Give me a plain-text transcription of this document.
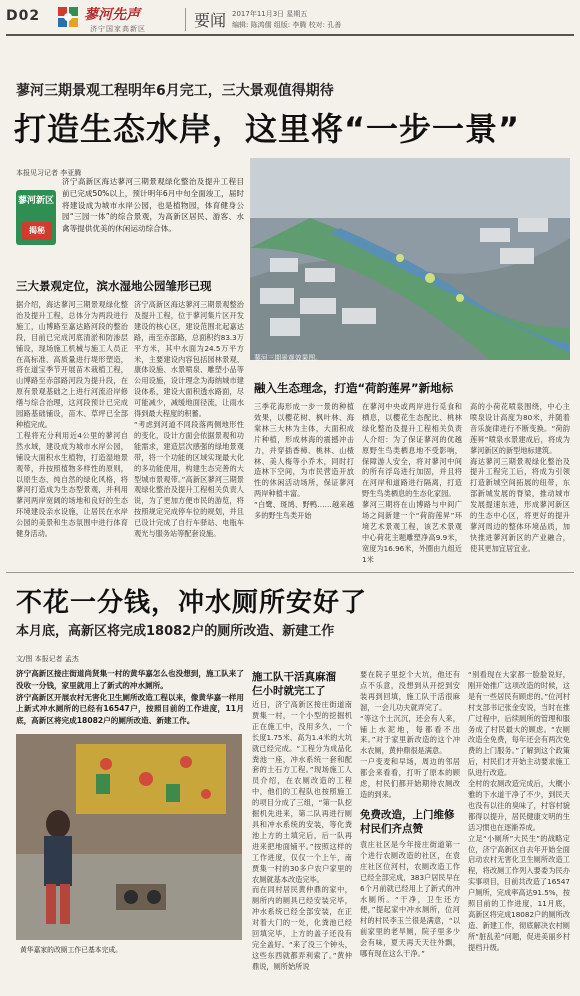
D02	蓼河先声
济宁国家高新区	要闻 2017年11月3日 星期五
编辑: 陈鸿儒 组版: 李腾 校对: 孔善
蓼河三期景观工程明年6月完工，三大景观值得期待
打造生态水岸，这里将“一步一景”
本报见习记者 李亚腾
蓼河新区
揭秘
济宁高新区海达蓼河三期景观绿化整治及提升工程目前已完成50%以上，预计明年6月中旬全面竣工，届时将建设成为城市水岸公园，也是植物园，体育健身公园“三园一体”的综合景观，为高新区居民、游客、水禽等提供优美的休闲运动综合体。
蓼河三期景观效果图。
三大景观定位，滨水湿地公园雏形已现
融入生态理念，打造“荷韵莲昇”新地标
据介绍，海达蓼河三期景观绿化整治及提升工程，总体分为两段进行施工，山博路至嘉达路河段的整治段，目前已完成河底清淤和防渗层铺设，现场施工机械与施工人员正在高标准、高质量进行堤形塑造，将在道宝季节开展苗木栽植工程，山博路至赤部路河段为提升段，在原有景观基础之上进行河流沿岸修缮与综合治理，这河段预计已完成园路基础铺设，苗木、草坪已全部种植完成。
工程将充分利用近4公里的蓼河自然水域，建设成为城市水岸公园，铺设大面积水生植物，打造湿地景观带，并按照植物多样性的原则，以原生态、纯自然的绿化风格，将蓼河打造成为生态型景观，并利用蓼河两岸宽阔的场地和良好的生态环境建设亲水设施，让居民在水岸公园的美景和生态氛围中进行体育健身活动。
济宁高新区海达蓼河三期景观整治及提升工程，位于蓼河集片区开发建设的核心区，建设范围北起嘉达路，南至赤部路，总面积约83.3万平方米，其中水面为24.5万平方米，主要建设内容包括园林景观、康体设施、水景喷泉、雕塑小品等公用设施，设计理念为海纳城市建设体系，建设大面积透水路面，尽可能减少，减缓地面径流，让雨水得到最大程度的积蓄。
“考虑到河道不同段落两侧地形性的变化，设计方面会依据景观和功能需求，建造层次感强的绿地景观带，将一个功能的区域实现最大化的多功能使用，构建生态完善的大型城市景观带。”高新区蓼河三期景观绿化整治及提升工程相关负责人说，为了更加方便市民的游览，将按照规定完成停车位的规划，并且已设计完成了自行车驿站、电瓶车观光与服务站等配套设施。
三季花海形成一步一景的种植效果，以樱花树、枫叶林、海棠林三大林为主体，大面积成片种植，形成林海的震撼冲击力，并穿插香樟、桃林、山楂林、美人梅等小乔木，同时打造林下空间，为市民营造开放性的休闲活动场所，保证蓼河两岸种植丰富。
“白鹭、斑鸠、野鸭……越来越多的野生鸟类开始
在蓼河中央或两岸进行觅食和栖息，以樱花生态配比、桃林绿化整治及提升工程相关负责人介绍：为了保证蓼河的优越原野生鸟类栖息地不受影响，保障游人安全，将对蓼河中间的所有浮岛进行加固，并且将在河岸和道路进行隔离，打造野生鸟类栖息的生态化家园。
蓼河三期将在山博路与中间广场之间新建一个“荷韵莲昇”环境艺术景观工程，该艺术景观中心荷花主题雕塑净高9.9米，宽度为16.96米，外圈由九组近1米
高的小荷花喷泉围绕，中心主喷泉设计高度为80米，并随着音乐旋律进行不断变换。“荷韵莲昇”喷泉水景建成后，将成为蓼河新区的新型地标建筑。
海达蓼河三期景观绿化整治及提升工程完工后，将成为引领打造新城空间拓展的纽带，东部新城发展的脊梁，推动城市发展提速东进，形成蓼河新区的生态中心区，将更好的提升蓼河周边的整体环境品质，加快推进蓼河新区的产业融合，使其更加宜居宜业。
不花一分钱，冲水厕所安好了
本月底，高新区将完成18082户的厕所改造、新建工作
文/图 本报记者 孟杰
济宁高新区接庄街道尚贤集一村的黄华嘉怎么也没想到，施工队来了没收一分钱，家里就用上了新式的冲水厕所。
济宁高新区开展农村无害化卫生厕所改造工程以来，像黄华嘉一样用上新式冲水厕所的已经有16547户，按照目前的工作进度，11月底，高新区将完成18082户的厕所改造、新建工作。
黄华嘉家的改厕工作已基本完成。
施工队干活真麻溜
仨小时就完工了
近日，济宁高新区接庄街道南贾集一村，一个小型的挖掘机正在施工中，没用多久，一个长度1.75米、高为1.4米的大坑就已经完成。“工程分为成品化粪池一座，冲水系统一套和配套的土石方工程。”现场施工人员介绍，在农厕改造的工程中，他们的工程队也按照施工的项目分成了三组，“第一队挖掘机先进来，第二队再进行厕具和冲水系统的安装，等化粪池上方的土填完后，后一队再进来把地面铺平。”按照这样的工作进度，仅仅一个上午，南贾集一村的30多户农户家里的农厕就基本改造完毕。
而在同村居民黄仲鼎的家中，厕所内的厕具已经安装完毕，冲水系统已经全部安装，在正对着大门的一处，化粪池已经回填完毕，上方的盖子还没有完全盖好。“来了没三个钟头，这些东西就都弄利索了。”黄仲鼎说，厕所始所说
要在院子里挖个大坑，他还有点不乐意，没想到从开挖到安装再到回填，施工队干活很麻溜，一会儿功夫就弄完了。
“等这个土沉沉，还会有人来，铺上水泥地，每都看不出来。”对于家里新改造的这个冲水农厕，黄仲鼎很是满意。
一户变麦和早场，周边的邻居都会来看看，打听了原本的顾虑，村民们都开始期待农厕改造的到来。
免费改造，上门维修
村民们齐点赞
袁庄社区是今年接庄街道第一个进行农厕改造的社区，在袁庄社区位河村，农厕改造工作已经全部完成，383户居民早在6个月前就已经用上了新式的冲水厕所。“干净，卫生还方便，”提起家中冲水厕所，位河村的村民李玉兰很是满意，“以前家里的老旱厕，院子里多少会有味，夏天再天天往外飘，哪有现在这么干净。”
“别看现在大家都一脸脸说好，刚开始推广这项改造的时候，这是有一些居民有顾虑的。”位河村村支部书记张金安说，当时在推广过程中，后续厕所的管理和服务成了村民最大的顾虑。“农厕改造全免费，每年还会有两次免费的上门服务。”了解到这个政策后，村民们才开始主动要求施工队进行改造。
全村的农厕改造完成后，大概小雅的下水道干净了不少，到民天也没有以往的臭味了，村容村貌都得以提升，居民健康文明的生活习惯也在逐渐养成。
立足“小厕所”大民生”的战略定位，济宁高新区自去年开始全面启动农村无害化卫生厕所改造工程，将改厕工作列入要委为民办实事项目，目前共改造了16547户厕所，完成率高达91.5%，按照目前的工作进度，11月底，高新区将完成18082户的厕所改造、新建工作，彻底解决农村厕所“脏乱差”问题，促进美丽乡村提档升级。
